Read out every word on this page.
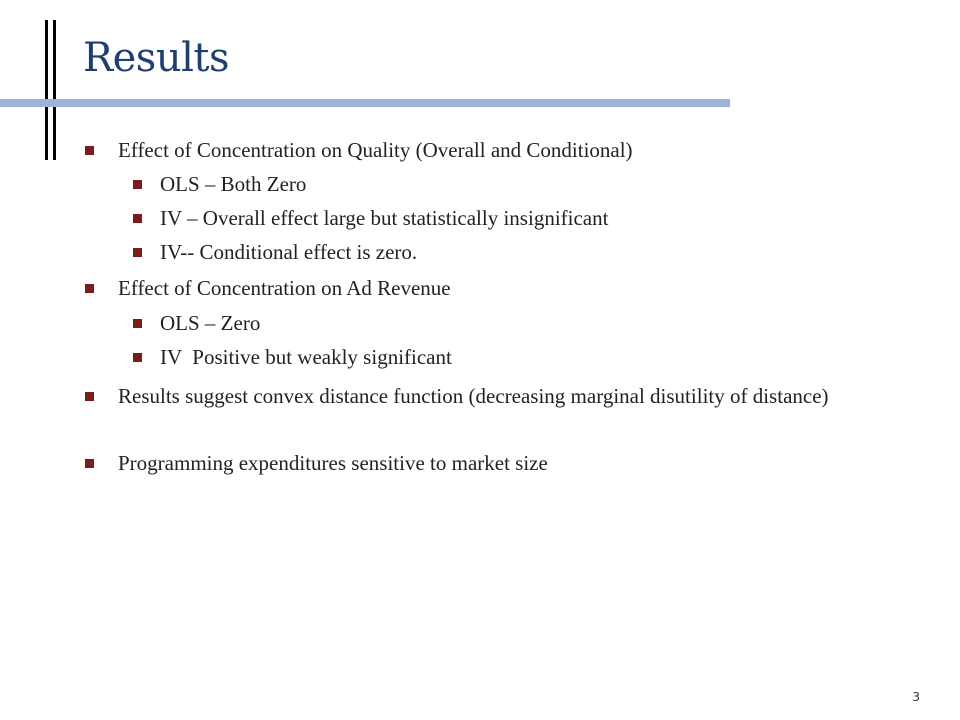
Results

Effect of Concentration on Quality (Overall and Conditional)

OLS – Both Zero

IV – Overall effect large but statistically insignificant

IV-- Conditional effect is zero.

Effect of Concentration on Ad Revenue

OLS – Zero

IV  Positive but weakly significant

Results suggest convex distance function (decreasing marginal disutility of distance)

Programming expenditures sensitive to market size

3
